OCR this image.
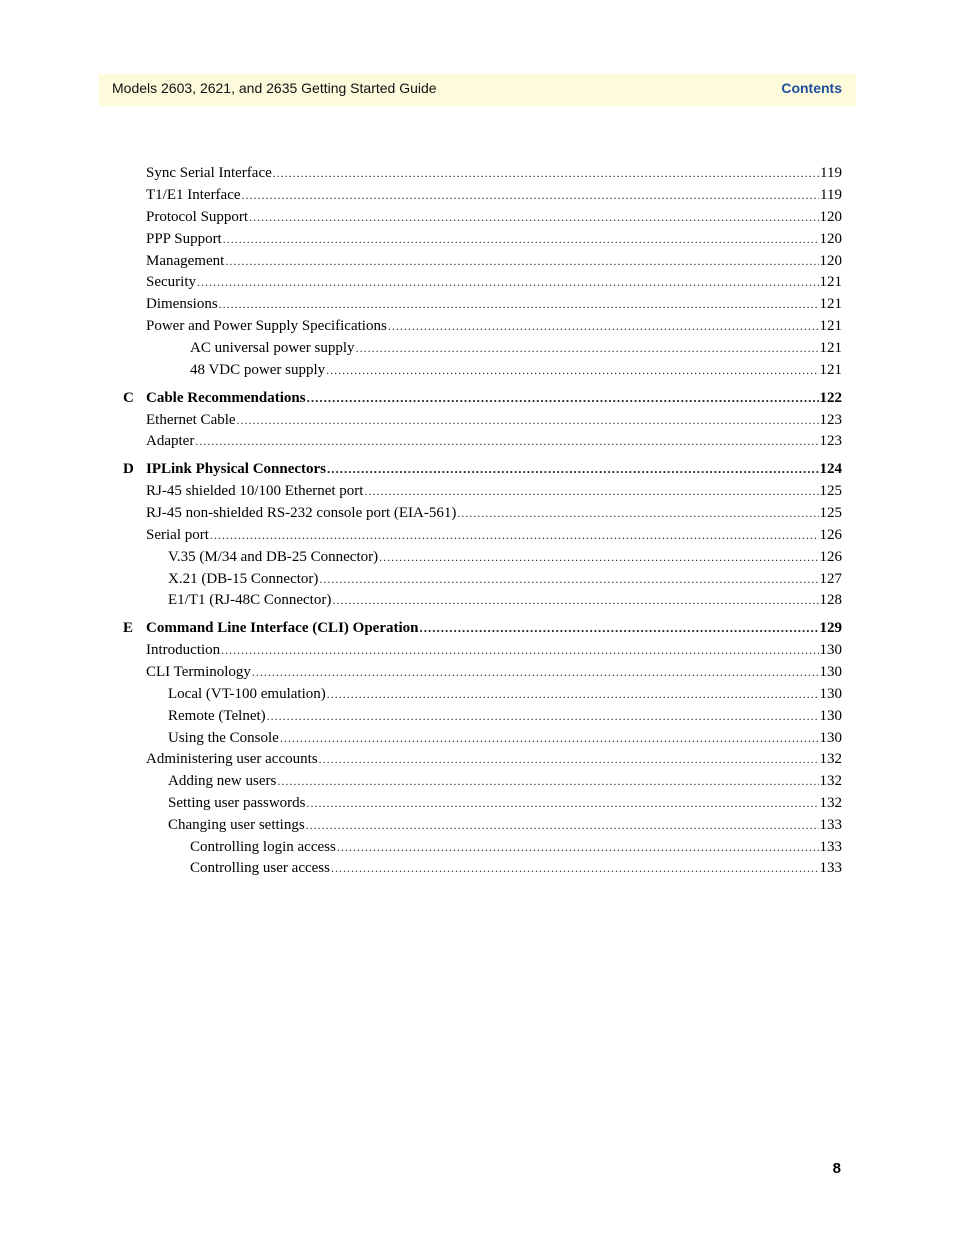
Models 2603, 2621, and 2635 Getting Started Guide	Contents
Sync Serial Interface .....	119
T1/E1 Interface .....	119
Protocol Support .....	120
PPP Support .....	120
Management .....	120
Security .....	121
Dimensions .....	121
Power and Power Supply Specifications .....	121
AC universal power supply .....	121
48 VDC power supply .....	121
C Cable Recommendations .....	122
Ethernet Cable .....	123
Adapter .....	123
D IPLink Physical Connectors .....	124
RJ-45 shielded 10/100 Ethernet port .....	125
RJ-45 non-shielded RS-232 console port (EIA-561) .....	125
Serial port .....	126
V.35 (M/34 and DB-25 Connector) .....	126
X.21 (DB-15 Connector) .....	127
E1/T1 (RJ-48C Connector) .....	128
E Command Line Interface (CLI) Operation .....	129
Introduction .....	130
CLI Terminology .....	130
Local (VT-100 emulation) .....	130
Remote (Telnet) .....	130
Using the Console .....	130
Administering user accounts .....	132
Adding new users .....	132
Setting user passwords .....	132
Changing user settings .....	133
Controlling login access .....	133
Controlling user access .....	133
8
